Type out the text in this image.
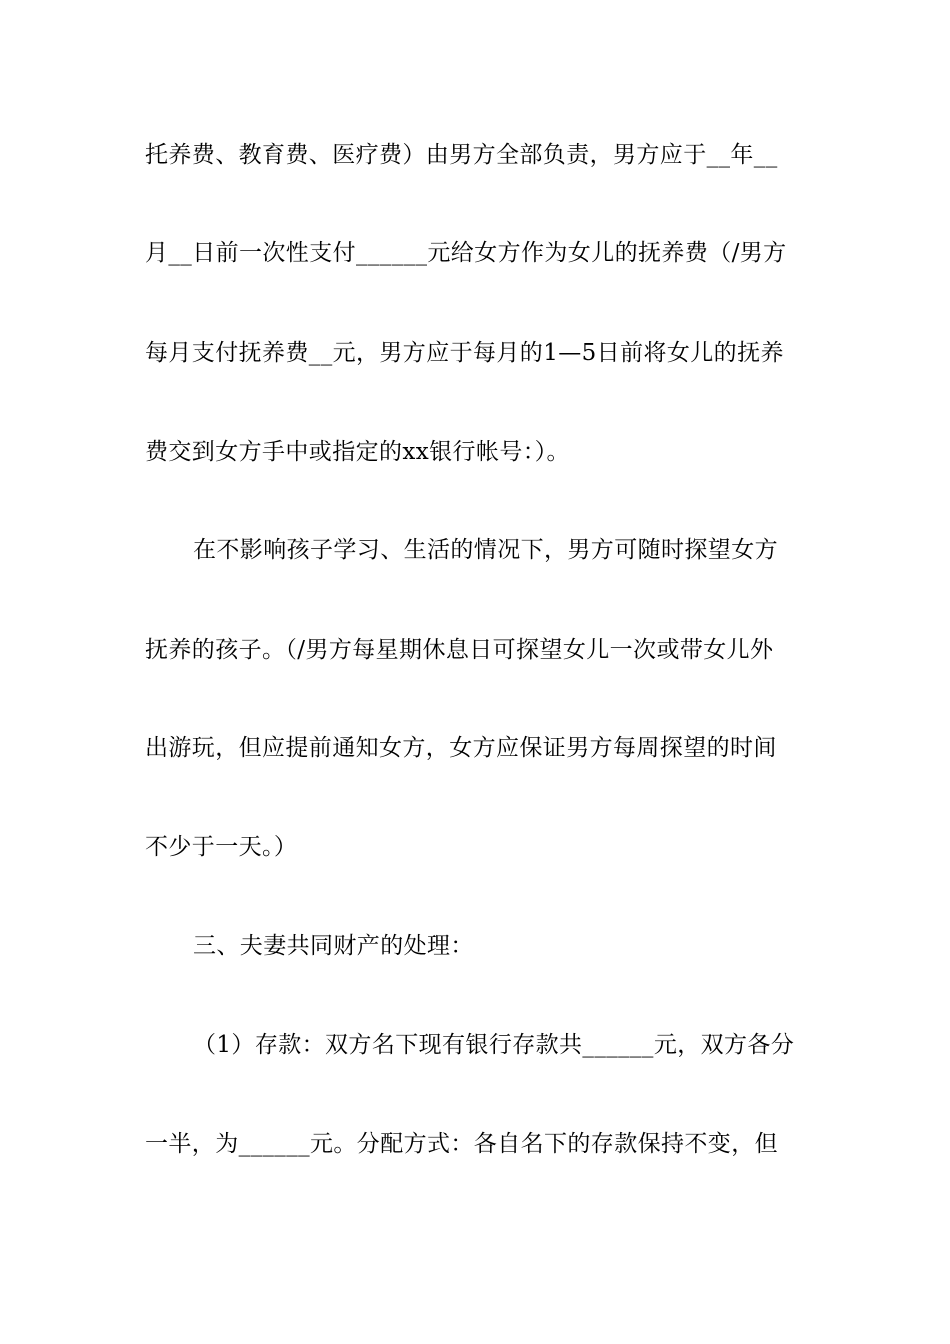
托养费、教育费、医疗费）由男方全部负责，男方应于__年__
月__日前一次性支付______元给女方作为女儿的抚养费（/男方
每月支付抚养费__元，男方应于每月的1—5日前将女儿的抚养
费交到女方手中或指定的xx银行帐号：）。
在不影响孩子学习、生活的情况下，男方可随时探望女方
抚养的孩子。（/男方每星期休息日可探望女儿一次或带女儿外
出游玩，但应提前通知女方，女方应保证男方每周探望的时间
不少于一天。）
三、夫妻共同财产的处理：
（1）存款：双方名下现有银行存款共______元，双方各分
一半，为______元。分配方式：各自名下的存款保持不变，但
